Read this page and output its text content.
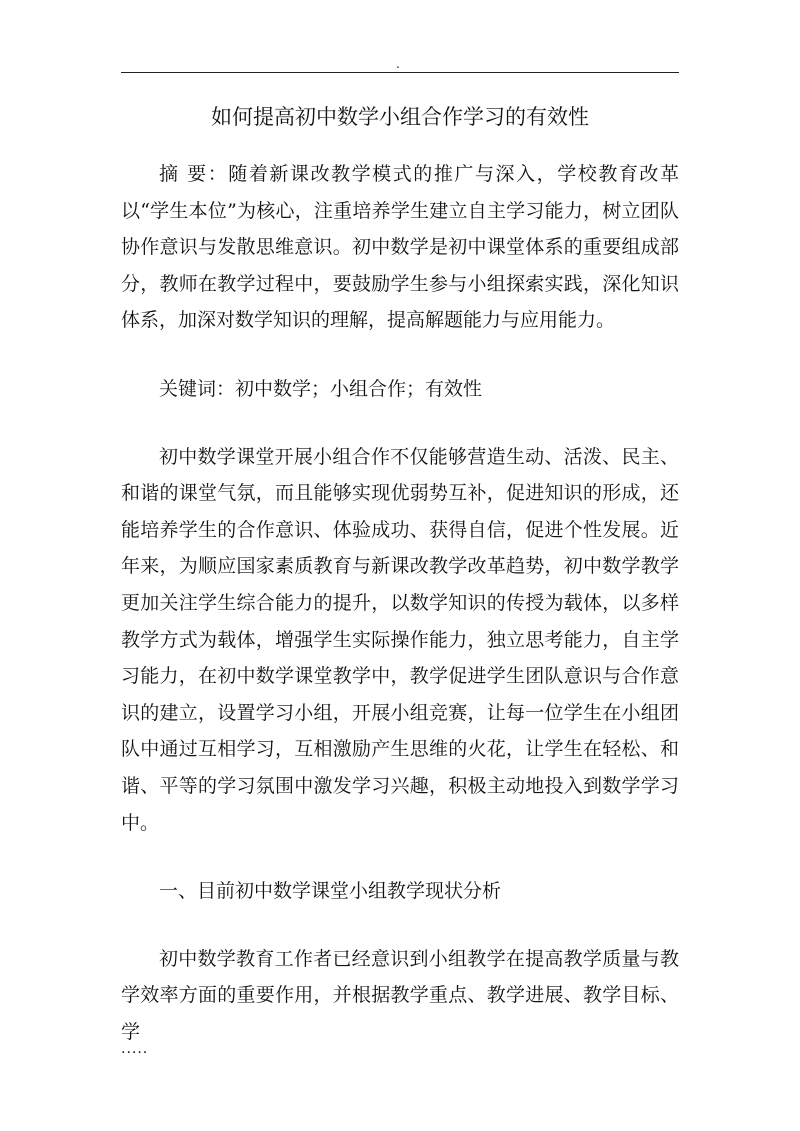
.
如何提高初中数学小组合作学习的有效性

摘 要：随着新课改教学模式的推广与深入，学校教育改革以“学生本位”为核心，注重培养学生建立自主学习能力，树立团队协作意识与发散思维意识。初中数学是初中课堂体系的重要组成部分，教师在教学过程中，要鼓励学生参与小组探索实践，深化知识体系，加深对数学知识的理解，提高解题能力与应用能力。

关键词：初中数学；小组合作；有效性

初中数学课堂开展小组合作不仅能够营造生动、活泼、民主、和谐的课堂气氛，而且能够实现优弱势互补，促进知识的形成，还能培养学生的合作意识、体验成功、获得自信，促进个性发展。近年来，为顺应国家素质教育与新课改教学改革趋势，初中数学教学更加关注学生综合能力的提升，以数学知识的传授为载体，以多样教学方式为载体，增强学生实际操作能力，独立思考能力，自主学习能力，在初中数学课堂教学中，教学促进学生团队意识与合作意识的建立，设置学习小组，开展小组竞赛，让每一位学生在小组团队中通过互相学习，互相激励产生思维的火花，让学生在轻松、和谐、平等的学习氛围中激发学习兴趣，积极主动地投入到数学学习中。

一、目前初中数学课堂小组教学现状分析

初中数学教育工作者已经意识到小组教学在提高教学质量与教学效率方面的重要作用，并根据教学重点、教学进展、教学目标、学

.....
